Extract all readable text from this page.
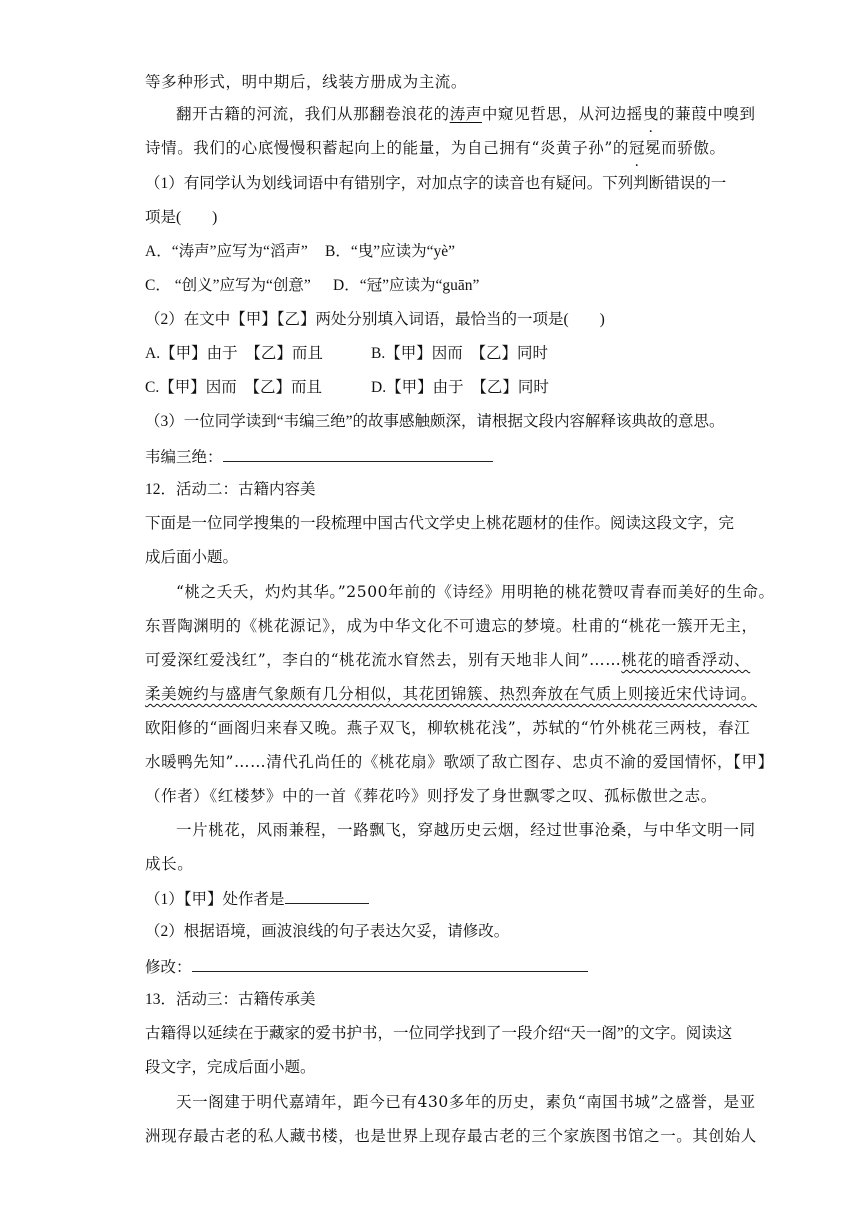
等多种形式，明中期后，线装方册成为主流。
翻开古籍的河流，我们从那翻卷浪花的涛声中窥见哲思，从河边摇曳的蒹葭中嗅到
诗情。我们的心底慢慢积蓄起向上的能量，为自己拥有“炎黄子孙”的冠冕而骄傲。
（1）有同学认为划线词语中有错别字，对加点字的读音也有疑问。下列判断错误的一
项是(　　)
A．“涛声”应写为“滔声” B．“曳”应读为“yè”
C． “创义”应写为“创意” D．“冠”应读为“guān”
（2）在文中【甲】【乙】两处分别填入词语，最恰当的一项是(　　)
A.【甲】由于　【乙】而且	B.【甲】因而　【乙】同时
C.【甲】因而　【乙】而且	D.【甲】由于　【乙】同时
（3）一位同学读到“韦编三绝”的故事感触颇深，请根据文段内容解释该典故的意思。
韦编三绝：
12．活动二：古籍内容美
下面是一位同学搜集的一段梳理中国古代文学史上桃花题材的佳作。阅读这段文字，完
成后面小题。
“桃之夭夭，灼灼其华。”2500年前的《诗经》用明艳的桃花赞叹青春而美好的生命。
东晋陶渊明的《桃花源记》，成为中华文化不可遗忘的梦境。杜甫的“桃花一簇开无主，
可爱深红爱浅红”，李白的“桃花流水窅然去，别有天地非人间”……桃花的暗香浮动、
柔美婉约与盛唐气象颇有几分相似，其花团锦簇、热烈奔放在气质上则接近宋代诗词。
欧阳修的“画阁归来春又晚。燕子双飞，柳软桃花浅”，苏轼的“竹外桃花三两枝，春江
水暖鸭先知”……清代孔尚任的《桃花扇》歌颂了敌亡图存、忠贞不渝的爱国情怀，【甲】
（作者）《红楼梦》中的一首《葬花吟》则抒发了身世飘零之叹、孤标傲世之志。
一片桃花，风雨兼程，一路飘飞，穿越历史云烟，经过世事沧桑，与中华文明一同
成长。
（1）【甲】处作者是
（2）根据语境，画波浪线的句子表达欠妥，请修改。
修改：
13．活动三：古籍传承美
古籍得以延续在于藏家的爱书护书，一位同学找到了一段介绍“天一阁”的文字。阅读这
段文字，完成后面小题。
天一阁建于明代嘉靖年，距今已有430多年的历史，素负“南国书城”之盛誉，是亚
洲现存最古老的私人藏书楼，也是世界上现存最古老的三个家族图书馆之一。其创始人
